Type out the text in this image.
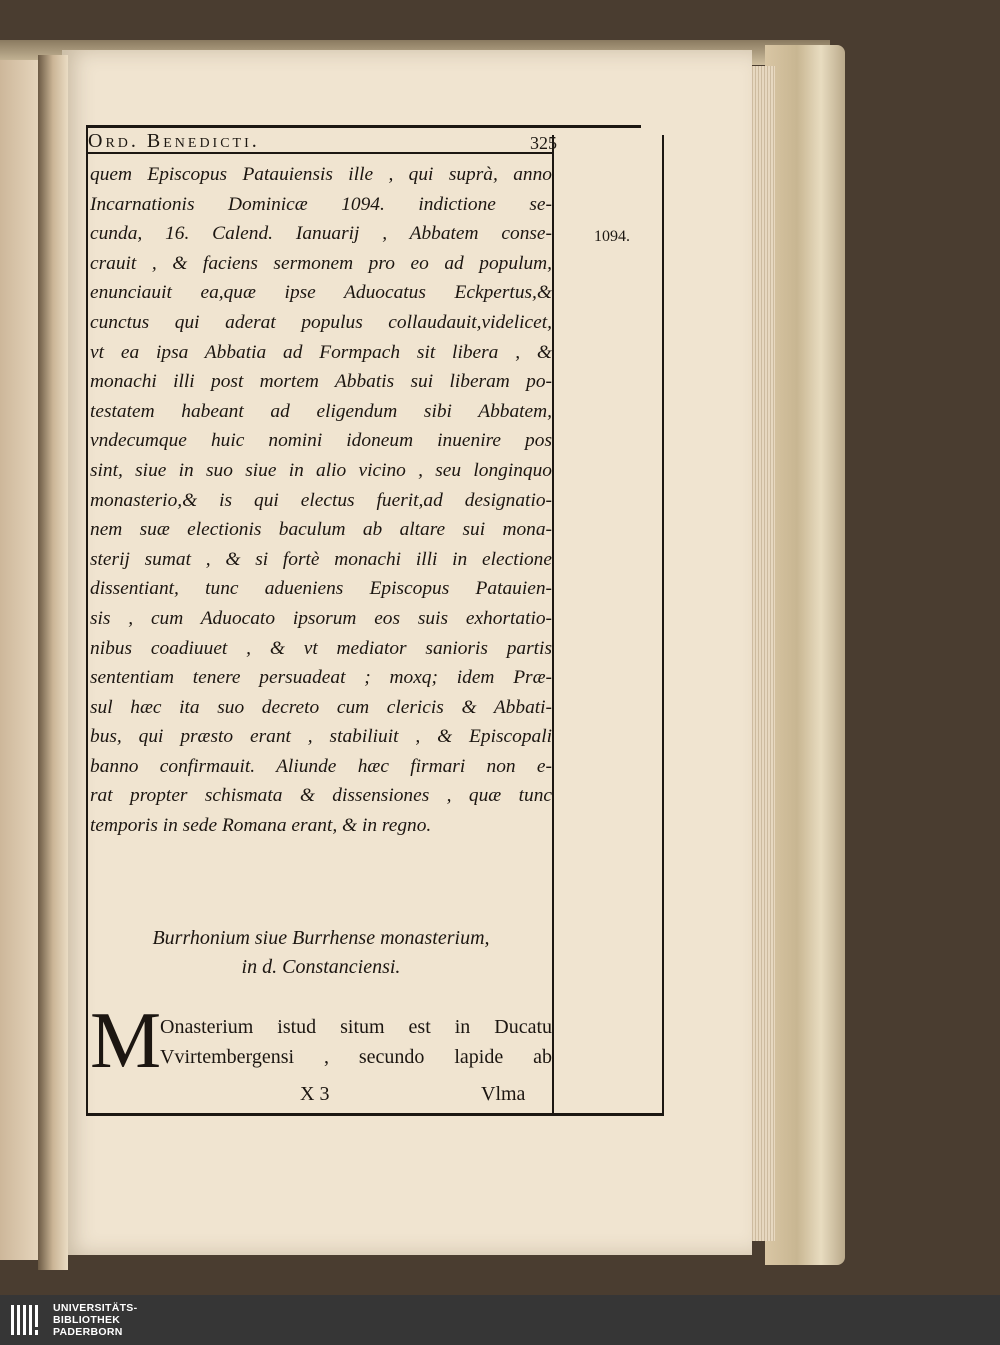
Ord. Benedicti.	325
quem Episcopus Patauiensis ille , qui suprà, anno
Incarnationis Dominicæ 1094. indictione se-
cunda, 16. Calend. Ianuarij , Abbatem conse-
crauit , & faciens sermonem pro eo ad populum,
enunciauit ea,quæ ipse Aduocatus Eckpertus,&
cunctus qui aderat populus collaudauit,videlicet,
vt ea ipsa Abbatia ad Formpach sit libera , &
monachi illi post mortem Abbatis sui liberam po-
testatem habeant ad eligendum sibi Abbatem,
vndecumque huic nomini idoneum inuenire pos
sint, siue in suo siue in alio vicino , seu longinquo
monasterio,& is qui electus fuerit,ad designatio-
nem suæ electionis baculum ab altare sui mona-
sterij sumat , & si fortè monachi illi in electione
dissentiant, tunc adueniens Episcopus Patauien-
sis , cum Aduocato ipsorum eos suis exhortatio-
nibus coadiuuet , & vt mediator sanioris partis
sententiam tenere persuadeat ; moxq; idem Præ-
sul hæc ita suo decreto cum clericis & Abbati-
bus, qui præsto erant , stabiliuit , & Episcopali
banno confirmauit. Aliunde hæc firmari non e-
rat propter schismata & dissensiones , quæ tunc
temporis in sede Romana erant, & in regno.
1094.
Burrhonium siue Burrhense monasterium,
in d. Constanciensi.
M
Onasterium istud situm est in Ducatu
Vvirtembergensi , secundo lapide ab
X 3	Vlma
UNIVERSITÄTS-
BIBLIOTHEK
PADERBORN
